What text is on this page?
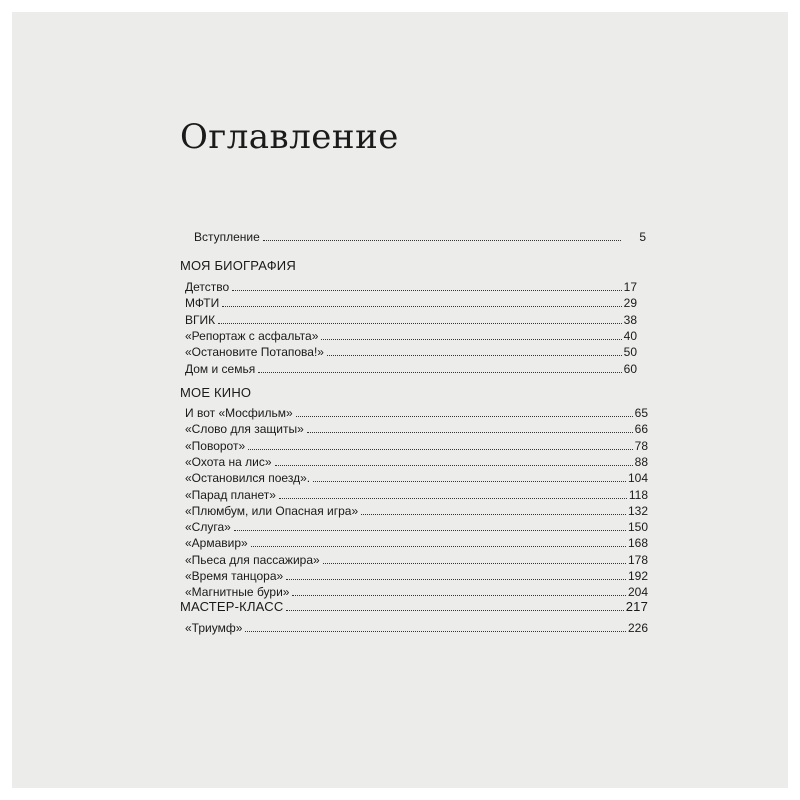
Оглавление
Вступление	5
МОЯ БИОГРАФИЯ
Детство	17
МФТИ	29
ВГИК	38
«Репортаж с асфальта»	40
«Остановите Потапова!»	50
Дом и семья	60
МОЕ КИНО
И вот «Мосфильм»	65
«Слово для защиты»	66
«Поворот»	78
«Охота на лис»	88
«Остановился поезд».	104
«Парад планет»	118
«Плюмбум, или Опасная игра»	132
«Слуга»	150
«Армавир»	168
«Пьеса для пассажира»	178
«Время танцора»	192
«Магнитные бури»	204
МАСТЕР-КЛАСС	217
«Триумф»	226
